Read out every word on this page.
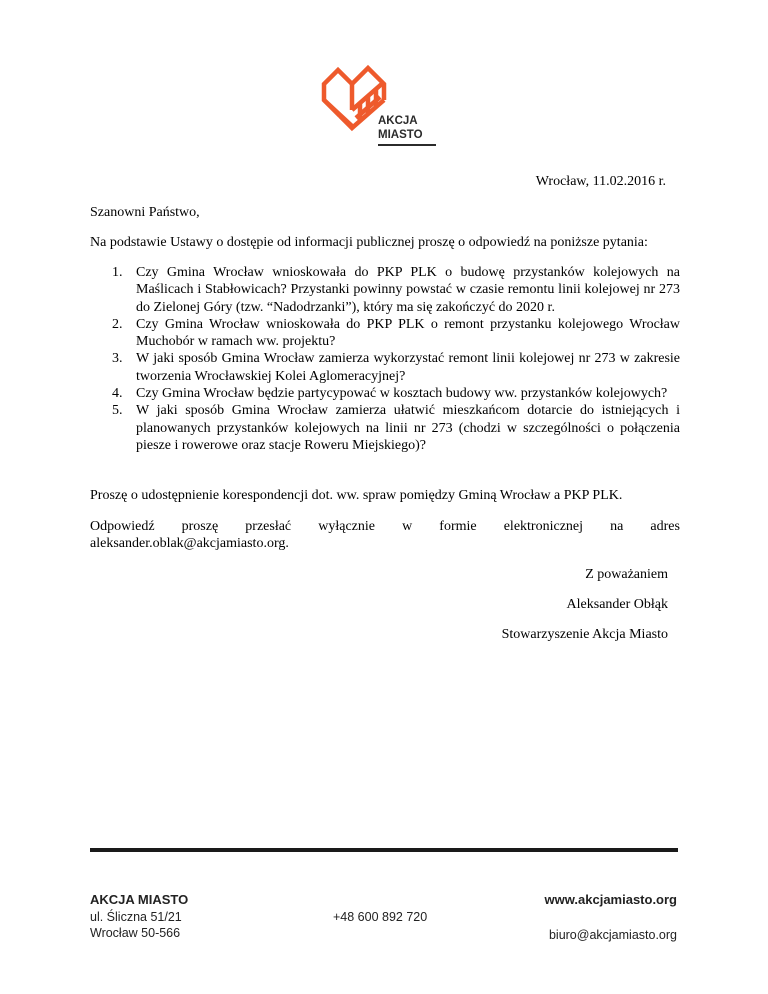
AKCJA
MIASTO
Wrocław, 11.02.2016 r.
Szanowni Państwo,
Na podstawie Ustawy o dostępie od informacji publicznej proszę o odpowiedź na poniższe pytania:
1. Czy Gmina Wrocław wnioskowała do PKP PLK o budowę przystanków kolejowych na Maślicach i Stabłowicach? Przystanki powinny powstać w czasie remontu linii kolejowej nr 273 do Zielonej Góry (tzw. “Nadodrzanki”), który ma się zakończyć do 2020 r.
2. Czy Gmina Wrocław wnioskowała do PKP PLK o remont przystanku kolejowego Wrocław Muchobór w ramach ww. projektu?
3. W jaki sposób Gmina Wrocław zamierza wykorzystać remont linii kolejowej nr 273 w zakresie tworzenia Wrocławskiej Kolei Aglomeracyjnej?
4. Czy Gmina Wrocław będzie partycypować w kosztach budowy ww. przystanków kolejowych?
5. W jaki sposób Gmina Wrocław zamierza ułatwić mieszkańcom dotarcie do istniejących i planowanych przystanków kolejowych na linii nr 273 (chodzi w szczególności o połączenia piesze i rowerowe oraz stacje Roweru Miejskiego)?
Proszę o udostępnienie korespondencji dot. ww. spraw pomiędzy Gminą Wrocław a PKP PLK.
Odpowiedź proszę przesłać wyłącznie w formie elektronicznej na adres
aleksander.oblak@akcjamiasto.org.
Z poważaniem
Aleksander Obłąk
Stowarzyszenie Akcja Miasto
AKCJA MIASTO
ul. Śliczna 51/21
Wrocław 50-566
+48 600 892 720
www.akcjamiasto.org
biuro@akcjamiasto.org
